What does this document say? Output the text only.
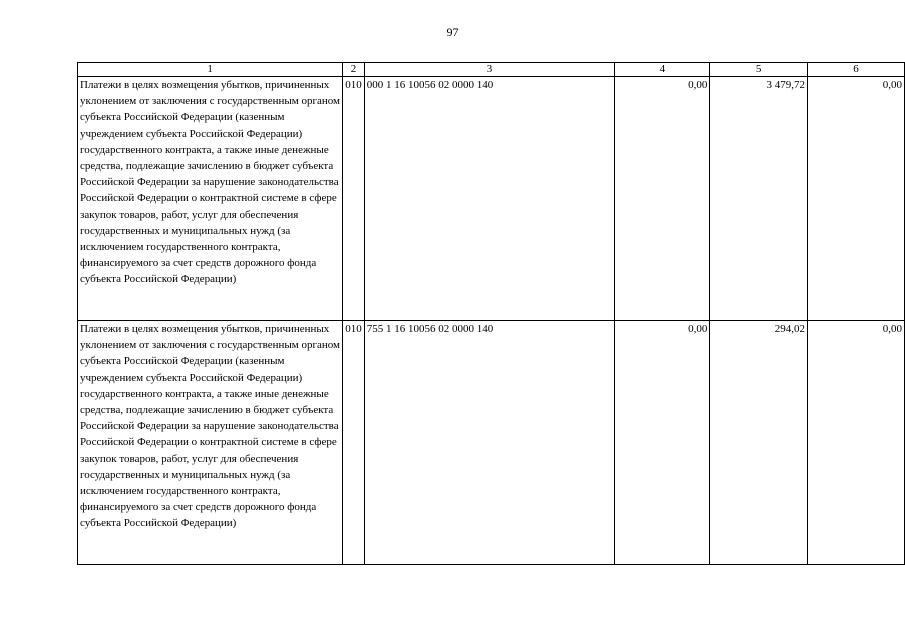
97
1	2	3	4	5	6

Платежи в целях возмещения убытков, причиненных уклонением от заключения с государственным органом субъекта Российской Федерации (казенным учреждением субъекта Российской Федерации) государственного контракта, а также иные денежные средства, подлежащие зачислению в бюджет субъекта Российской Федерации за нарушение законодательства Российской Федерации о контрактной системе в сфере закупок товаров, работ, услуг для обеспечения государственных и муниципальных нужд (за исключением государственного контракта, финансируемого за счет средств дорожного фонда субъекта Российской Федерации)	010	000 1 16 10056 02 0000 140	0,00	3 479,72	0,00

Платежи в целях возмещения убытков, причиненных уклонением от заключения с государственным органом субъекта Российской Федерации (казенным учреждением субъекта Российской Федерации) государственного контракта, а также иные денежные средства, подлежащие зачислению в бюджет субъекта Российской Федерации за нарушение законодательства Российской Федерации о контрактной системе в сфере закупок товаров, работ, услуг для обеспечения государственных и муниципальных нужд (за исключением государственного контракта, финансируемого за счет средств дорожного фонда субъекта Российской Федерации)	010	755 1 16 10056 02 0000 140	0,00	294,02	0,00
